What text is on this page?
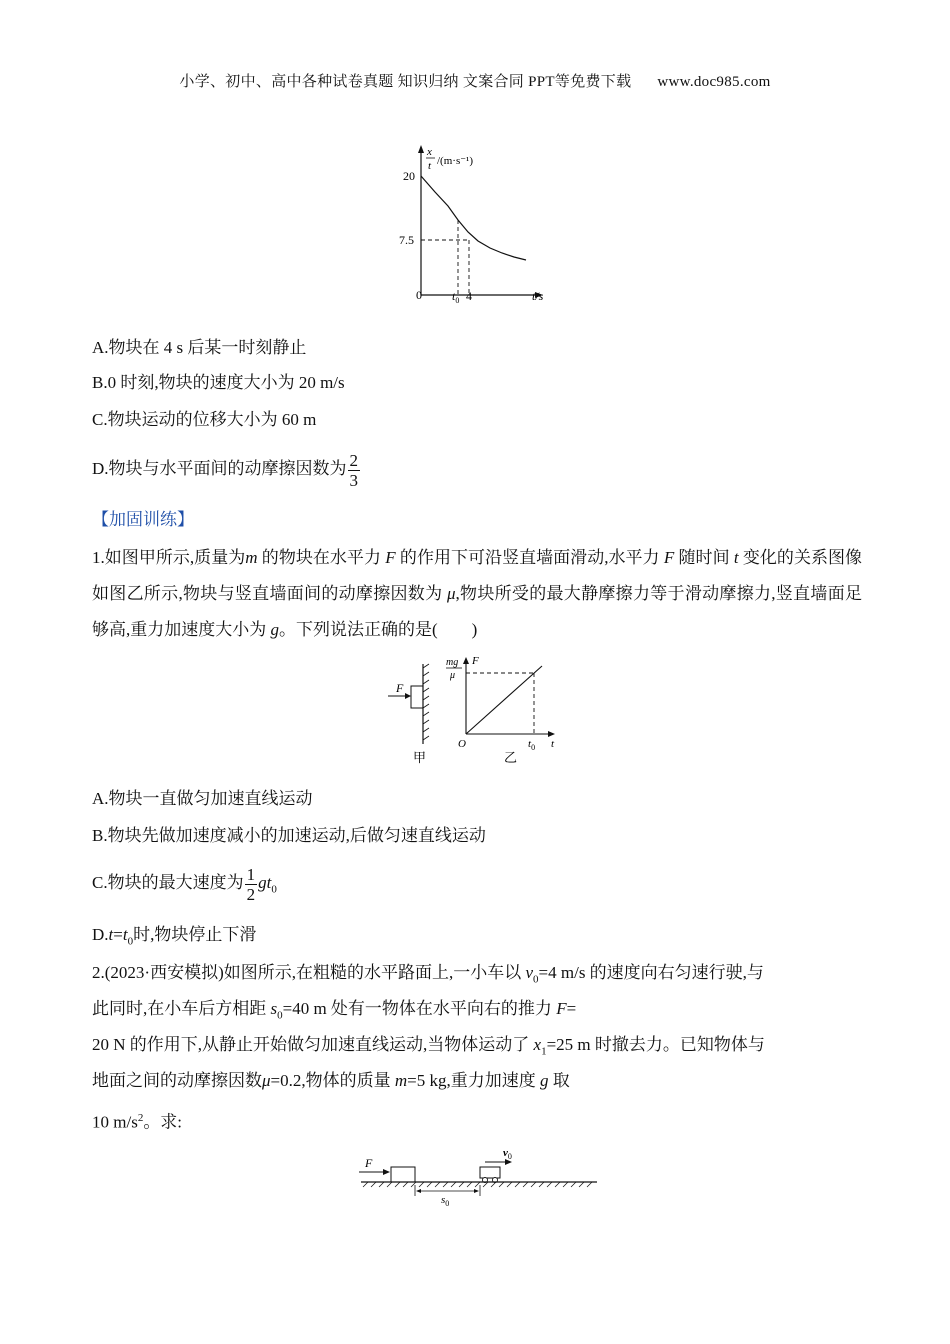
小学、初中、高中各种试卷真题 知识归纳 文案合同 PPT等免费下载 www.doc985.com
x
t /(m·s⁻¹)
20
7.5
0	$t_0$ 4	t/s
A.物块在 4 s 后某一时刻静止
B.0 时刻,物块的速度大小为 20 m/s
C.物块运动的位移大小为 60 m
D.物块与水平面间的动摩擦因数为 $\frac{2}{3}$
【加固训练】
1.如图甲所示,质量为m 的物块在水平力 F 的作用下可沿竖直墙面滑动,水平力 F 随时间 t 变化的关系图像如图乙所示,物块与竖直墙面间的动摩擦因数为 μ,物块所受的最大静摩擦力等于滑动摩擦力,竖直墙面足够高,重力加速度大小为 g。下列说法正确的是(　　)
F
甲
mg
μ
F
O	$t_0$ t
乙
A.物块一直做匀加速直线运动
B.物块先做加速度减小的加速运动,后做匀速直线运动
C.物块的最大速度为 $\frac{1}{2} gt_0$
$D.t=t_0$时,物块停止下滑
2.(2023·西安模拟)如图所示,在粗糙的水平路面上,一小车以 $v_0=4$ m/s 的速度向右匀速行驶,与
此同时,在小车后方相距 $s_0=40$ m 处有一物体在水平向右的推力 F=
20 N 的作用下,从静止开始做匀加速直线运动,当物体运动了 $x_1=25$ m 时撤去力。已知物体与
地面之间的动摩擦因数μ=0.2,物体的质量 m=5 kg,重力加速度 g 取
10 $m/s^2$。求:
F
$v_0$
$s_0$
